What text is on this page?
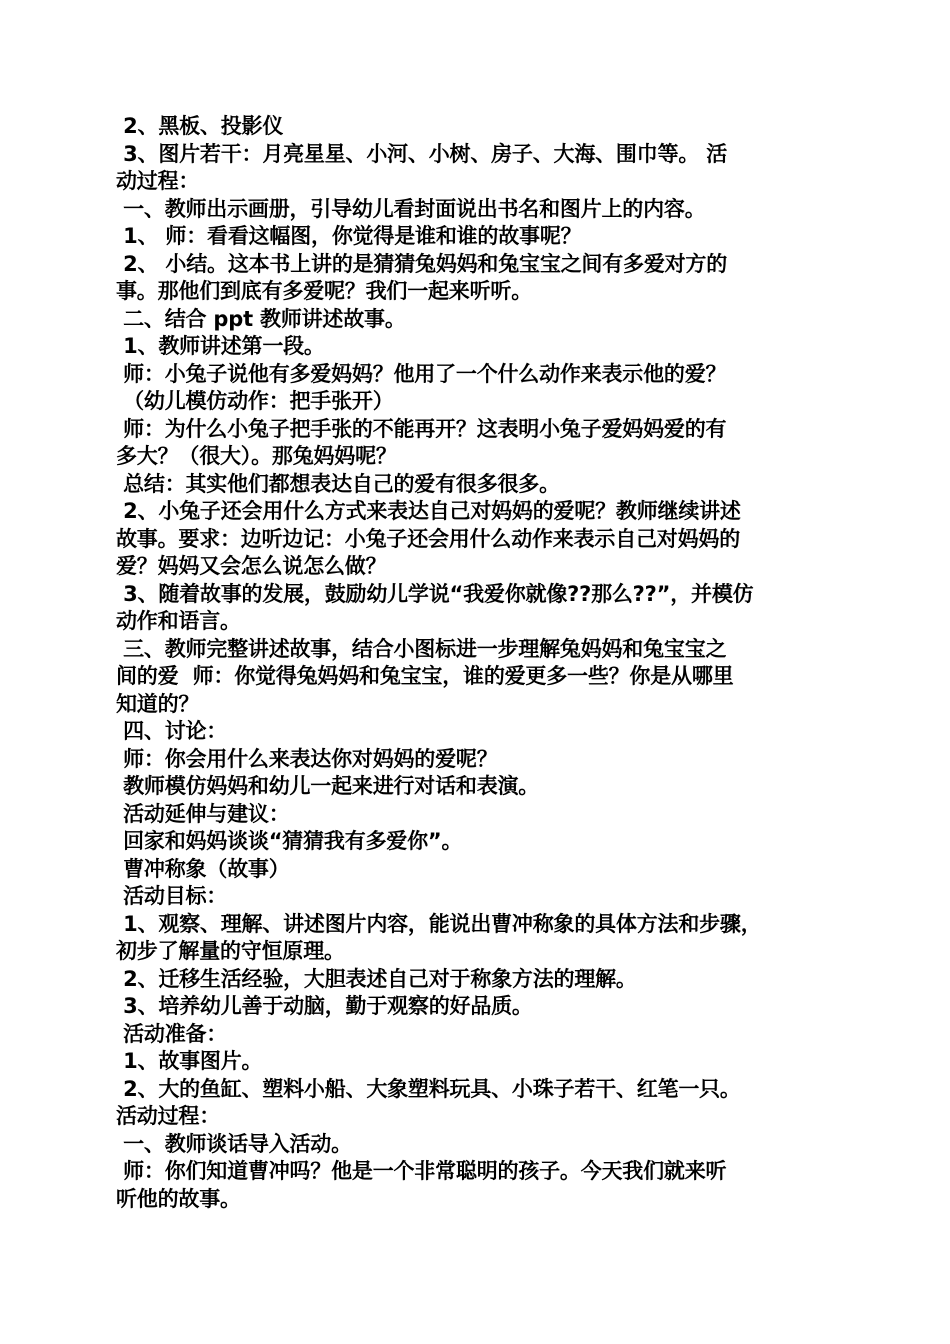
2、黑板、投影仪
3、图片若干：月亮星星、小河、小树、房子、大海、围巾等。 活
动过程：
一、教师出示画册，引导幼儿看封面说出书名和图片上的内容。
1、 师：看看这幅图，你觉得是谁和谁的故事呢？
2、 小结。这本书上讲的是猜猜兔妈妈和兔宝宝之间有多爱对方的
事。那他们到底有多爱呢？我们一起来听听。
二、结合 ppt 教师讲述故事。
1、教师讲述第一段。
师：小兔子说他有多爱妈妈？他用了一个什么动作来表示他的爱？
（幼儿模仿动作：把手张开）
师：为什么小兔子把手张的不能再开？这表明小兔子爱妈妈爱的有
多大？（很大）。那兔妈妈呢？
总结：其实他们都想表达自己的爱有很多很多。
2、小兔子还会用什么方式来表达自己对妈妈的爱呢？教师继续讲述
故事。要求：边听边记：小兔子还会用什么动作来表示自己对妈妈的
爱？妈妈又会怎么说怎么做？
3、随着故事的发展，鼓励幼儿学说“我爱你就像??那么??”，并模仿
动作和语言。
三、教师完整讲述故事，结合小图标进一步理解兔妈妈和兔宝宝之
间的爱  师：你觉得兔妈妈和兔宝宝，谁的爱更多一些？你是从哪里
知道的？
四、讨论：
师：你会用什么来表达你对妈妈的爱呢？
教师模仿妈妈和幼儿一起来进行对话和表演。
活动延伸与建议：
回家和妈妈谈谈“猜猜我有多爱你”。
曹冲称象（故事）
活动目标：
1、观察、理解、讲述图片内容，能说出曹冲称象的具体方法和步骤，
初步了解量的守恒原理。
2、迁移生活经验，大胆表述自己对于称象方法的理解。
3、培养幼儿善于动脑，勤于观察的好品质。
活动准备：
1、故事图片。
2、大的鱼缸、塑料小船、大象塑料玩具、小珠子若干、红笔一只。
活动过程：
一、教师谈话导入活动。
师：你们知道曹冲吗？他是一个非常聪明的孩子。今天我们就来听
听他的故事。
